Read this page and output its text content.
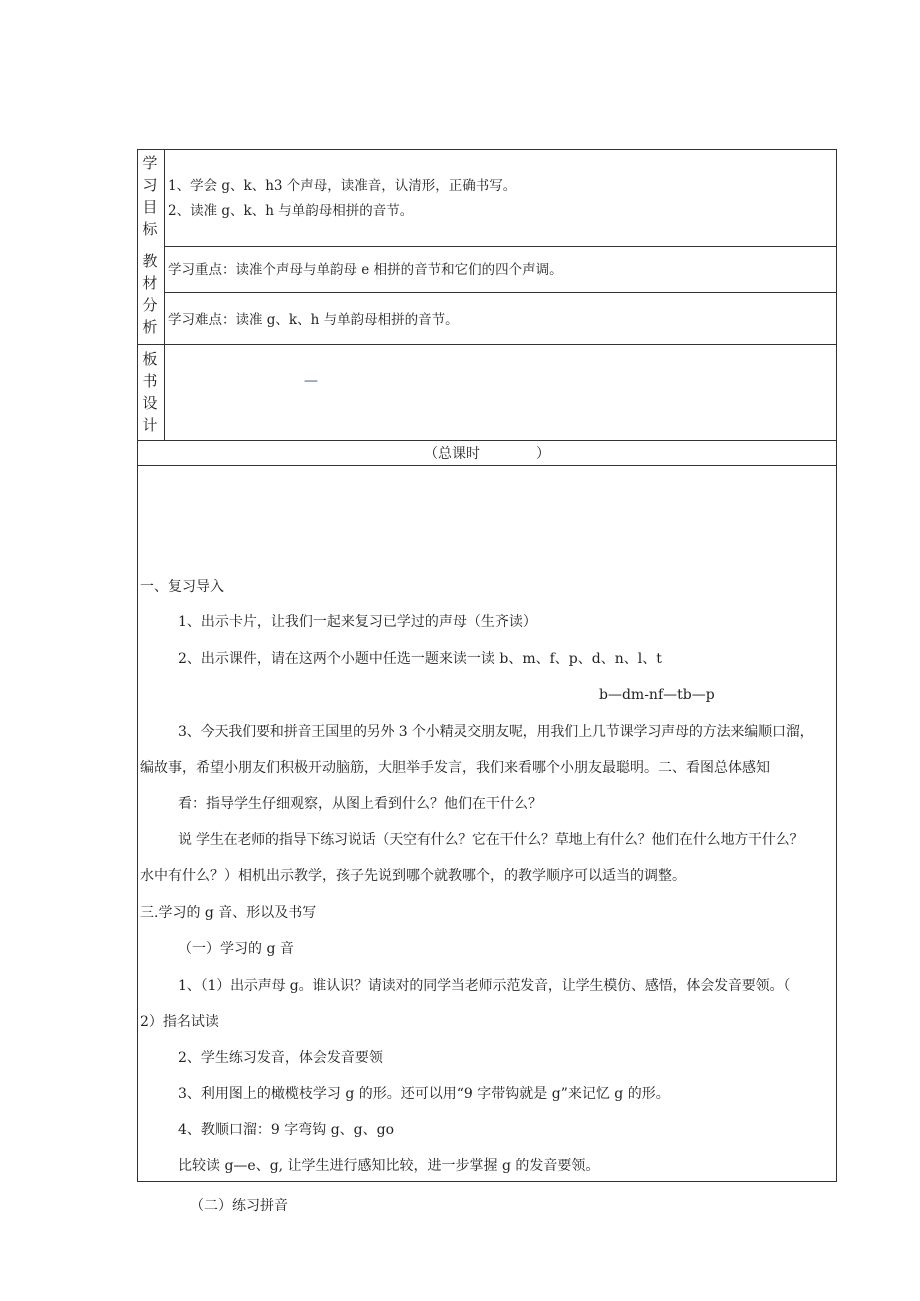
学
习
目
标
教
材
分
析
板
书
设
计
1、学会 g、k、h3 个声母，读准音，认清形，正确书写。
2、读准 g、k、h 与单韵母相拼的音节。
学习重点：读准个声母与单韵母 e 相拼的音节和它们的四个声调。
学习难点：读准 g、k、h 与单韵母相拼的音节。
—
（总课时　　　　）
一、复习导入
1、出示卡片，让我们一起来复习已学过的声母（生齐读）
2、出示课件，请在这两个小题中任选一题来读一读 b、m、f、p、d、n、l、t
b—dm-nf—tb—p
3、今天我们要和拼音王国里的另外 3 个小精灵交朋友呢，用我们上几节课学习声母的方法来编顺口溜，
编故事，希望小朋友们积极开动脑筋，大胆举手发言，我们来看哪个小朋友最聪明。二、看图总体感知
看：指导学生仔细观察，从图上看到什么？他们在干什么？
说 学生在老师的指导下练习说话（天空有什么？它在干什么？草地上有什么？他们在什么地方干什么？
水中有什么？）相机出示教学，孩子先说到哪个就教哪个，的教学顺序可以适当的调整。
三.学习的 g 音、形以及书写
（一）学习的 g 音
1、（1）出示声母 g。谁认识？请读对的同学当老师示范发音，让学生模仿、感悟，体会发音要领。（
2）指名试读
2、学生练习发音，体会发音要领
3、利用图上的橄榄枝学习 g 的形。还可以用“9 字带钩就是 g”来记忆 g 的形。
4、教顺口溜：9 字弯钩 g、g、go
比较读 g—e、g, 让学生进行感知比较，进一步掌握 g 的发音要领。
（二）练习拼音
